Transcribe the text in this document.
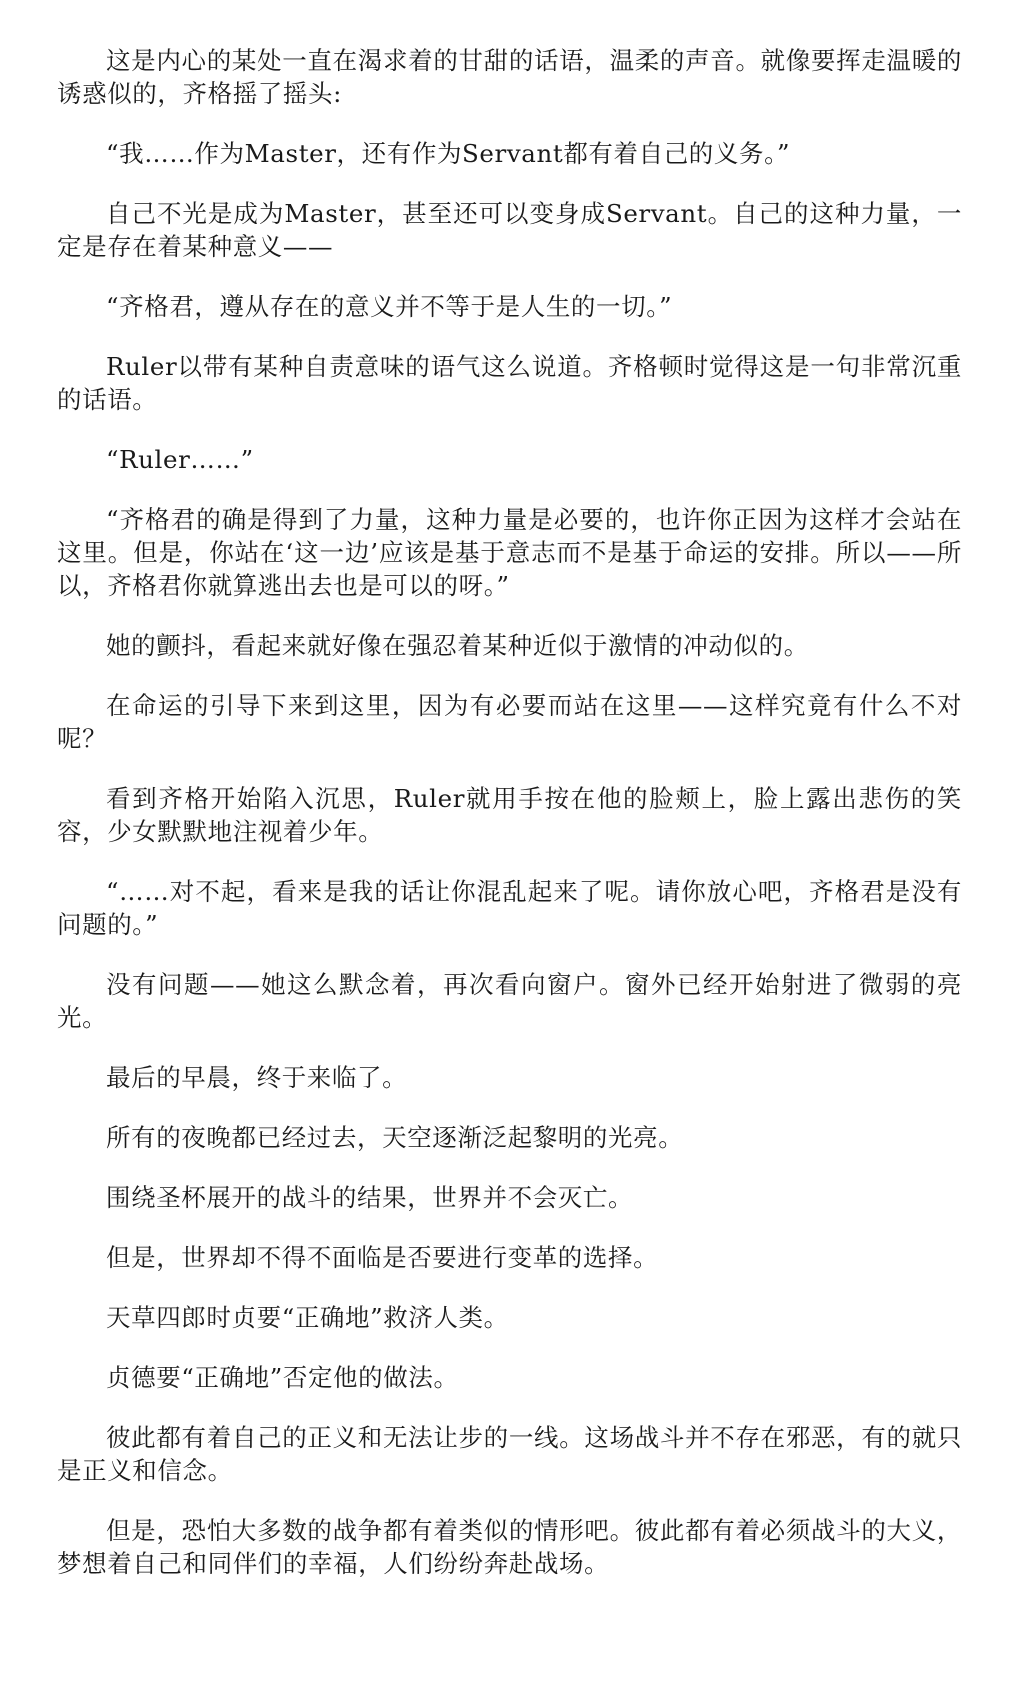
这是内心的某处一直在渴求着的甘甜的话语，温柔的声音。就像要挥走温暖的诱惑似的，齐格摇了摇头:

“我……作为Master，还有作为Servant都有着自己的义务。”

自己不光是成为Master，甚至还可以变身成Servant。自己的这种力量，一定是存在着某种意义——

“齐格君，遵从存在的意义并不等于是人生的一切。”

Ruler以带有某种自责意味的语气这么说道。齐格顿时觉得这是一句非常沉重的话语。

“Ruler……”

“齐格君的确是得到了力量，这种力量是必要的，也许你正因为这样才会站在这里。但是，你站在‘这一边’应该是基于意志而不是基于命运的安排。所以——所以，齐格君你就算逃出去也是可以的呀。”

她的颤抖，看起来就好像在强忍着某种近似于激情的冲动似的。

在命运的引导下来到这里，因为有必要而站在这里——这样究竟有什么不对呢？

看到齐格开始陷入沉思，Ruler就用手按在他的脸颊上，脸上露出悲伤的笑容，少女默默地注视着少年。

“……对不起，看来是我的话让你混乱起来了呢。请你放心吧，齐格君是没有问题的。”

没有问题——她这么默念着，再次看向窗户。窗外已经开始射进了微弱的亮光。

最后的早晨，终于来临了。

所有的夜晚都已经过去，天空逐渐泛起黎明的光亮。

围绕圣杯展开的战斗的结果，世界并不会灭亡。

但是，世界却不得不面临是否要进行变革的选择。

天草四郎时贞要“正确地”救济人类。

贞德要“正确地”否定他的做法。

彼此都有着自己的正义和无法让步的一线。这场战斗并不存在邪恶，有的就只是正义和信念。

但是，恐怕大多数的战争都有着类似的情形吧。彼此都有着必须战斗的大义，梦想着自己和同伴们的幸福，人们纷纷奔赴战场。
